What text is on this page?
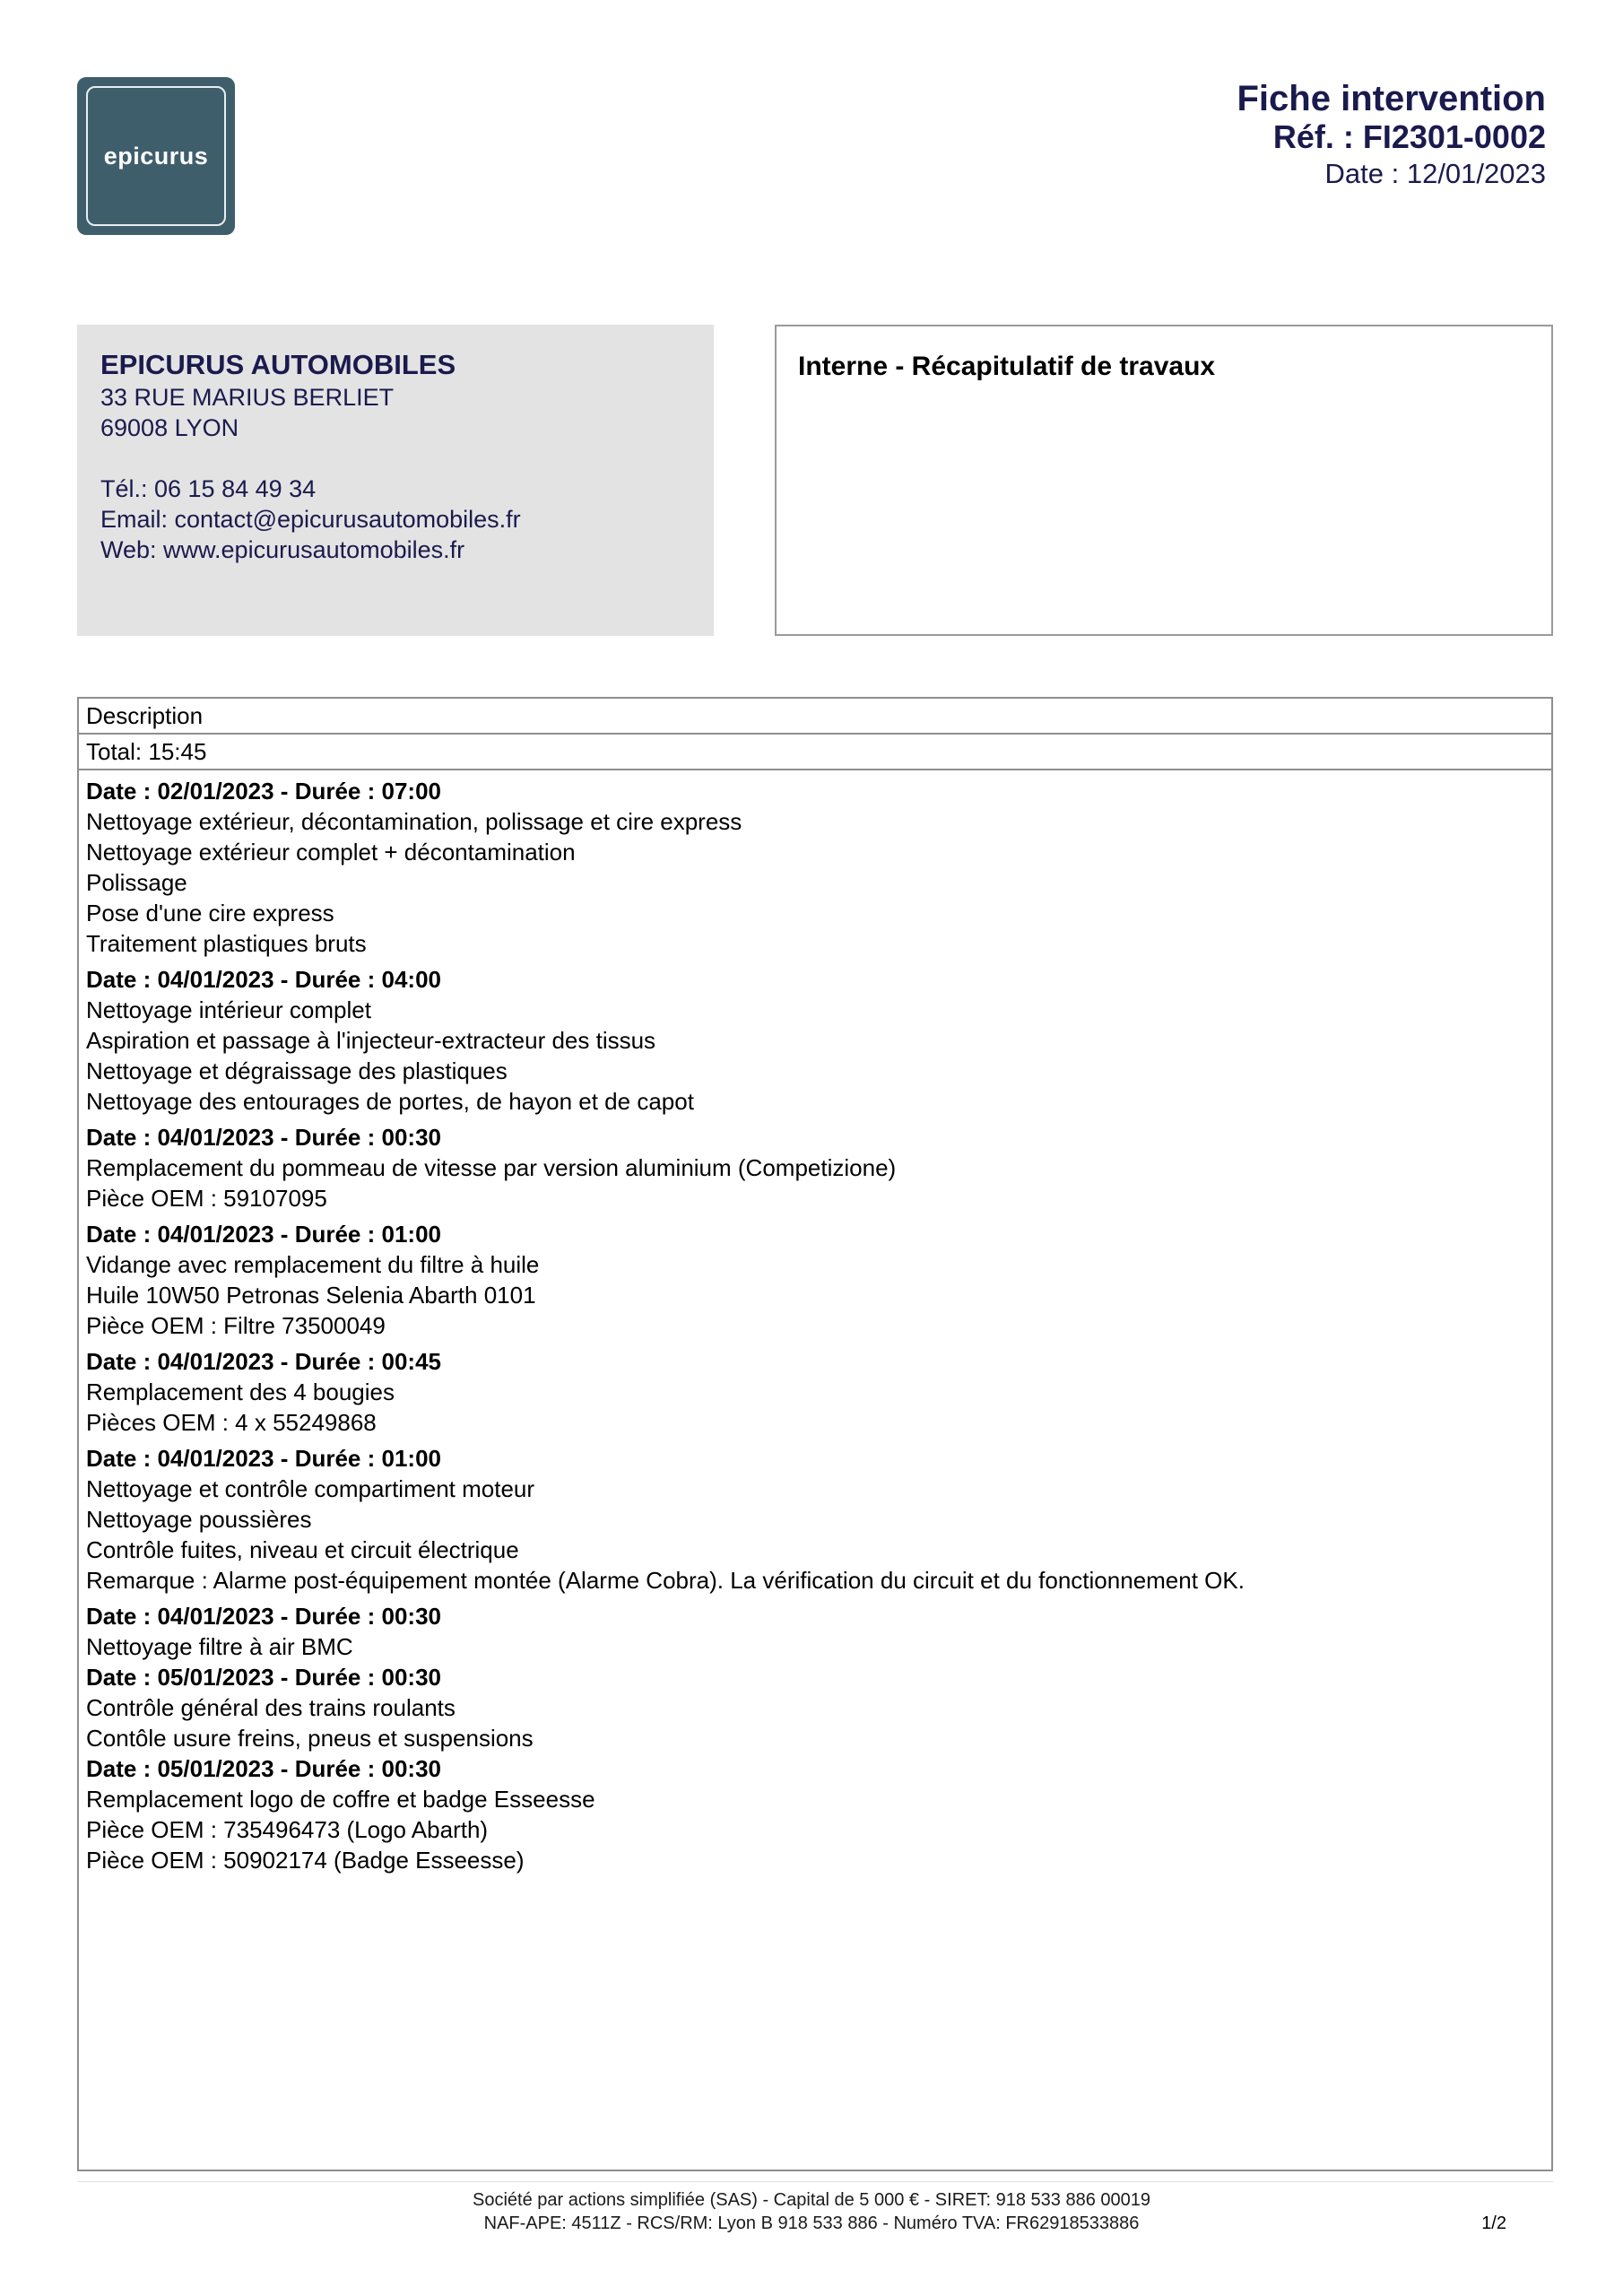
epicurus
Fiche intervention
Réf. : FI2301-0002
Date : 12/01/2023
EPICURUS AUTOMOBILES
33 RUE MARIUS BERLIET
69008 LYON
Tél.: 06 15 84 49 34
Email: contact@epicurusautomobiles.fr
Web: www.epicurusautomobiles.fr
Interne - Récapitulatif de travaux
Description
Total: 15:45
Date : 02/01/2023 - Durée : 07:00
Nettoyage extérieur, décontamination, polissage et cire express
Nettoyage extérieur complet + décontamination
Polissage
Pose d'une cire express
Traitement plastiques bruts
Date : 04/01/2023 - Durée : 04:00
Nettoyage intérieur complet
Aspiration et passage à l'injecteur-extracteur des tissus
Nettoyage et dégraissage des plastiques
Nettoyage des entourages de portes, de hayon et de capot
Date : 04/01/2023 - Durée : 00:30
Remplacement du pommeau de vitesse par version aluminium (Competizione)
Pièce OEM : 59107095
Date : 04/01/2023 - Durée : 01:00
Vidange avec remplacement du filtre à huile
Huile 10W50 Petronas Selenia Abarth 0101
Pièce OEM : Filtre 73500049
Date : 04/01/2023 - Durée : 00:45
Remplacement des 4 bougies
Pièces OEM : 4 x 55249868
Date : 04/01/2023 - Durée : 01:00
Nettoyage et contrôle compartiment moteur
Nettoyage poussières
Contrôle fuites, niveau et circuit électrique
Remarque : Alarme post-équipement montée (Alarme Cobra). La vérification du circuit et du fonctionnement OK.
Date : 04/01/2023 - Durée : 00:30
Nettoyage filtre à air BMC
Date : 05/01/2023 - Durée : 00:30
Contrôle général des trains roulants
Contôle usure freins, pneus et suspensions
Date : 05/01/2023 - Durée : 00:30
Remplacement logo de coffre et badge Esseesse
Pièce OEM : 735496473 (Logo Abarth)
Pièce OEM : 50902174 (Badge Esseesse)
Société par actions simplifiée (SAS) - Capital de 5 000 € - SIRET: 918 533 886 00019
NAF-APE: 4511Z - RCS/RM: Lyon B 918 533 886 - Numéro TVA: FR62918533886	1/2
